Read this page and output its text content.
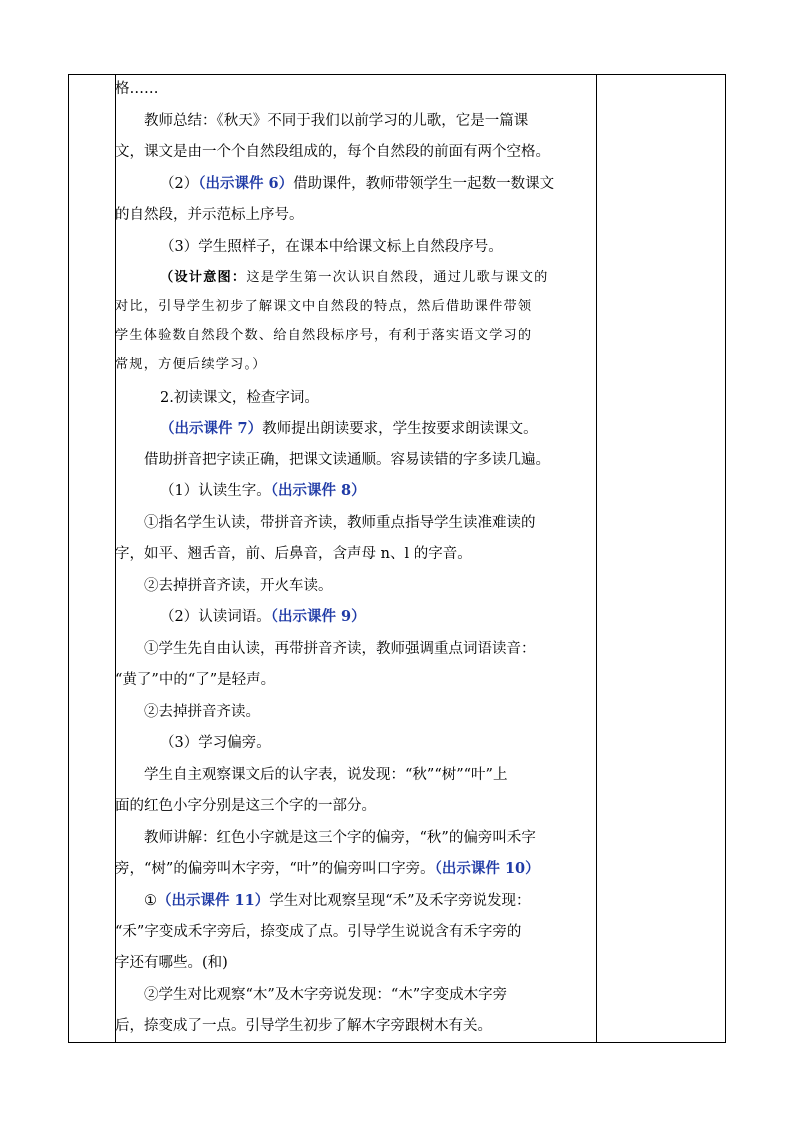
格……
教师总结：《秋天》不同于我们以前学习的儿歌，它是一篇课
文，课文是由一个个自然段组成的，每个自然段的前面有两个空格。
（2）（出示课件 6）借助课件，教师带领学生一起数一数课文
的自然段，并示范标上序号。
（3）学生照样子，在课本中给课文标上自然段序号。
（设计意图：这是学生第一次认识自然段，通过儿歌与课文的
对比，引导学生初步了解课文中自然段的特点，然后借助课件带领
学生体验数自然段个数、给自然段标序号，有利于落实语文学习的
常规，方便后续学习。）
2.初读课文，检查字词。
（出示课件 7）教师提出朗读要求，学生按要求朗读课文。
借助拼音把字读正确，把课文读通顺。容易读错的字多读几遍。
（1）认读生字。（出示课件 8）
①指名学生认读，带拼音齐读，教师重点指导学生读准难读的
字，如平、翘舌音，前、后鼻音，含声母 n、l 的字音。
②去掉拼音齐读，开火车读。
（2）认读词语。（出示课件 9）
①学生先自由认读，再带拼音齐读，教师强调重点词语读音：
“黄了”中的“了”是轻声。
②去掉拼音齐读。
（3）学习偏旁。
学生自主观察课文后的认字表，说发现：“秋”“树”“叶”上
面的红色小字分别是这三个字的一部分。
教师讲解：红色小字就是这三个字的偏旁，“秋”的偏旁叫禾字
旁，“树”的偏旁叫木字旁，“叶”的偏旁叫口字旁。（出示课件 10）
①（出示课件 11）学生对比观察呈现“禾”及禾字旁说发现：
“禾”字变成禾字旁后，捺变成了点。引导学生说说含有禾字旁的
字还有哪些。(和)
②学生对比观察“木”及木字旁说发现：“木”字变成木字旁
后，捺变成了一点。引导学生初步了解木字旁跟树木有关。
